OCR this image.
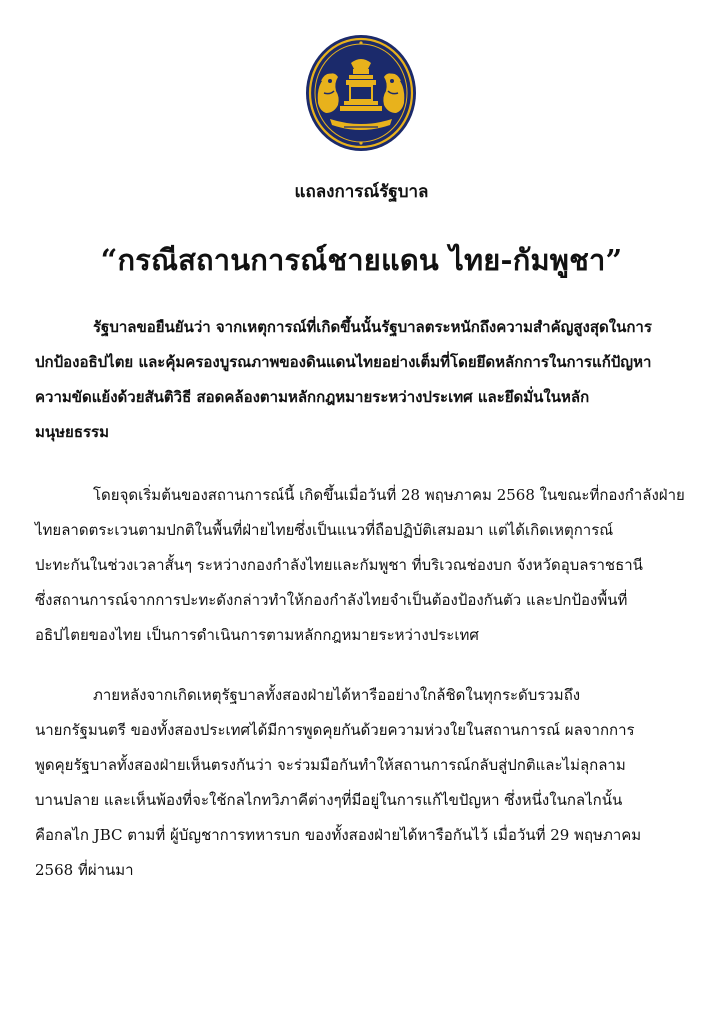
แถลงการณ์รัฐบาล
“กรณีสถานการณ์ชายแดน ไทย-กัมพูชา”
รัฐบาลขอยืนยันว่า จากเหตุการณ์ที่เกิดขึ้นนั้นรัฐบาลตระหนักถึงความสำคัญสูงสุดในการ
ปกป้องอธิปไตย และคุ้มครองบูรณภาพของดินแดนไทยอย่างเต็มที่โดยยึดหลักการในการแก้ปัญหา
ความขัดแย้งด้วยสันติวิธี สอดคล้องตามหลักกฎหมายระหว่างประเทศ และยึดมั่นในหลัก
มนุษยธรรม
โดยจุดเริ่มต้นของสถานการณ์นี้ เกิดขึ้นเมื่อวันที่ 28 พฤษภาคม 2568 ในขณะที่กองกำลังฝ่าย
ไทยลาดตระเวนตามปกติในพื้นที่ฝ่ายไทยซึ่งเป็นแนวที่ถือปฏิบัติเสมอมา แต่ได้เกิดเหตุการณ์
ปะทะกันในช่วงเวลาสั้นๆ ระหว่างกองกำลังไทยและกัมพูชา ที่บริเวณช่องบก จังหวัดอุบลราชธานี
ซึ่งสถานการณ์จากการปะทะดังกล่าวทำให้กองกำลังไทยจำเป็นต้องป้องกันตัว และปกป้องพื้นที่
อธิปไตยของไทย เป็นการดำเนินการตามหลักกฎหมายระหว่างประเทศ
ภายหลังจากเกิดเหตุรัฐบาลทั้งสองฝ่ายได้หารืออย่างใกล้ชิดในทุกระดับรวมถึง
นายกรัฐมนตรี ของทั้งสองประเทศได้มีการพูดคุยกันด้วยความห่วงใยในสถานการณ์ ผลจากการ
พูดคุยรัฐบาลทั้งสองฝ่ายเห็นตรงกันว่า จะร่วมมือกันทำให้สถานการณ์กลับสู่ปกติและไม่ลุกลาม
บานปลาย และเห็นพ้องที่จะใช้กลไกทวิภาคีต่างๆที่มีอยู่ในการแก้ไขปัญหา ซึ่งหนึ่งในกลไกนั้น
คือกลไก JBC ตามที่ ผู้บัญชาการทหารบก ของทั้งสองฝ่ายได้หารือกันไว้ เมื่อวันที่ 29 พฤษภาคม
2568 ที่ผ่านมา
